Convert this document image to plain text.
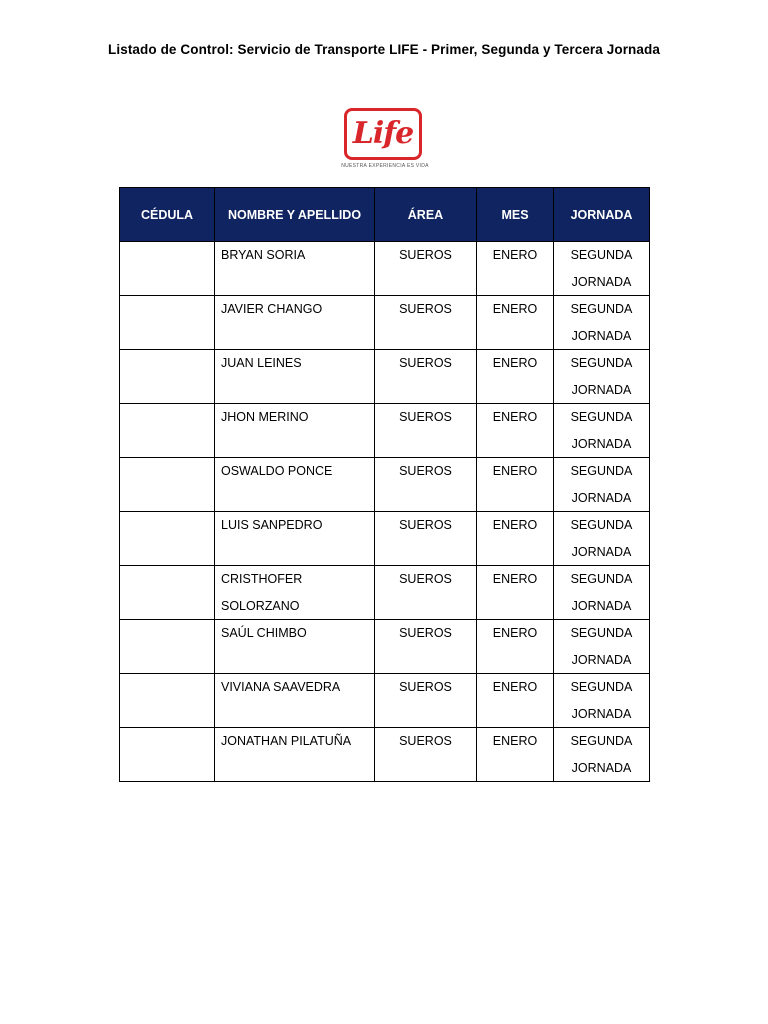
Listado de Control: Servicio de Transporte LIFE - Primer, Segunda y Tercera Jornada
Life
NUESTRA EXPERIENCIA ES VIDA
CÉDULA	NOMBRE Y APELLIDO	ÁREA	MES	JORNADA
	BRYAN SORIA	SUEROS	ENERO	SEGUNDA JORNADA
	JAVIER CHANGO	SUEROS	ENERO	SEGUNDA JORNADA
	JUAN LEINES	SUEROS	ENERO	SEGUNDA JORNADA
	JHON MERINO	SUEROS	ENERO	SEGUNDA JORNADA
	OSWALDO PONCE	SUEROS	ENERO	SEGUNDA JORNADA
	LUIS SANPEDRO	SUEROS	ENERO	SEGUNDA JORNADA
	CRISTHOFER SOLORZANO	SUEROS	ENERO	SEGUNDA JORNADA
	SAÚL CHIMBO	SUEROS	ENERO	SEGUNDA JORNADA
	VIVIANA SAAVEDRA	SUEROS	ENERO	SEGUNDA JORNADA
	JONATHAN PILATUÑA	SUEROS	ENERO	SEGUNDA JORNADA
